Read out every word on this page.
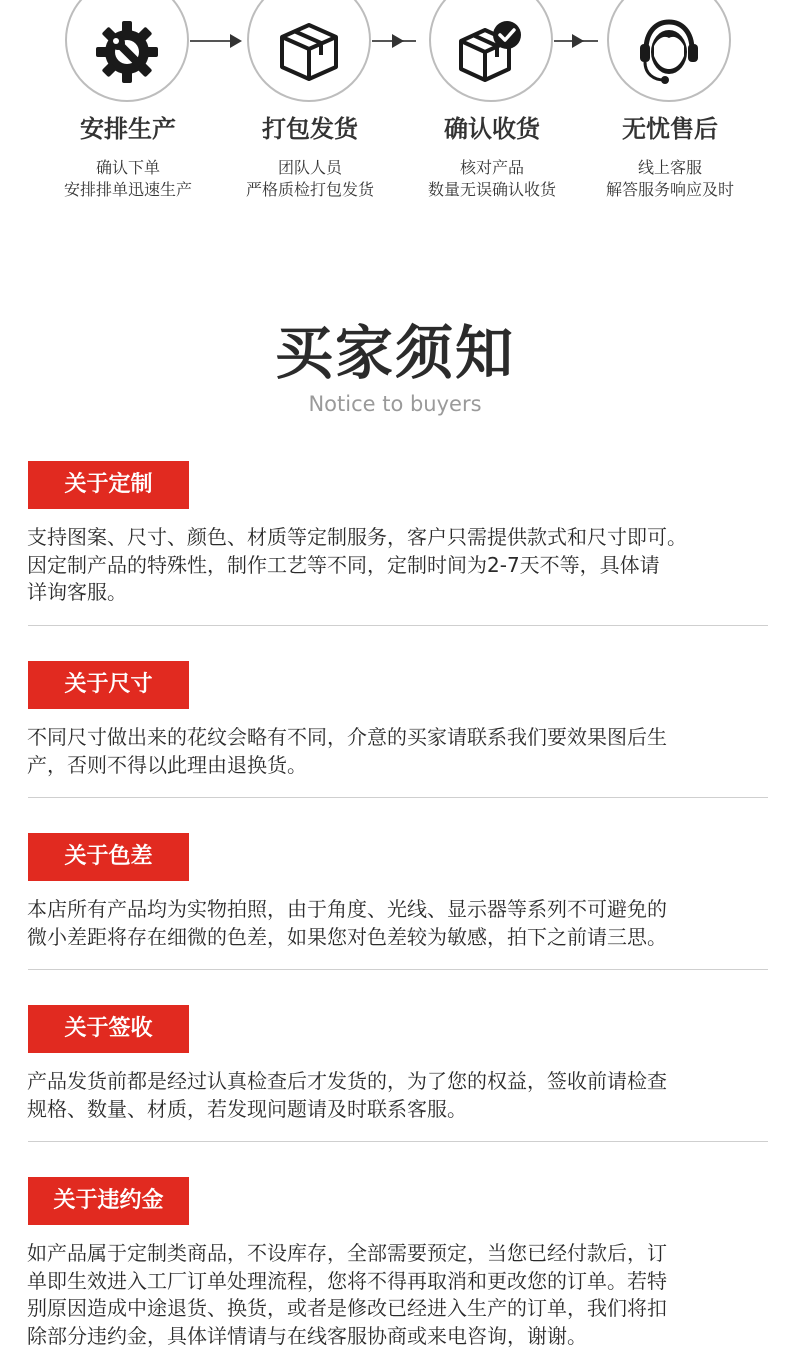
安排生产
确认下单
安排排单迅速生产
打包发货
团队人员
严格质检打包发货
确认收货
核对产品
数量无误确认收货
无忧售后
线上客服
解答服务响应及时
买家须知
Notice to buyers
关于定制
支持图案、尺寸、颜色、材质等定制服务，客户只需提供款式和尺寸即可。
因定制产品的特殊性，制作工艺等不同，定制时间为2-7天不等，具体请
详询客服。
关于尺寸
不同尺寸做出来的花纹会略有不同，介意的买家请联系我们要效果图后生
产，否则不得以此理由退换货。
关于色差
本店所有产品均为实物拍照，由于角度、光线、显示器等系列不可避免的
微小差距将存在细微的色差，如果您对色差较为敏感，拍下之前请三思。
关于签收
产品发货前都是经过认真检查后才发货的，为了您的权益，签收前请检查
规格、数量、材质，若发现问题请及时联系客服。
关于违约金
如产品属于定制类商品，不设库存，全部需要预定，当您已经付款后，订
单即生效进入工厂订单处理流程，您将不得再取消和更改您的订单。若特
别原因造成中途退货、换货，或者是修改已经进入生产的订单，我们将扣
除部分违约金，具体详情请与在线客服协商或来电咨询，谢谢。
